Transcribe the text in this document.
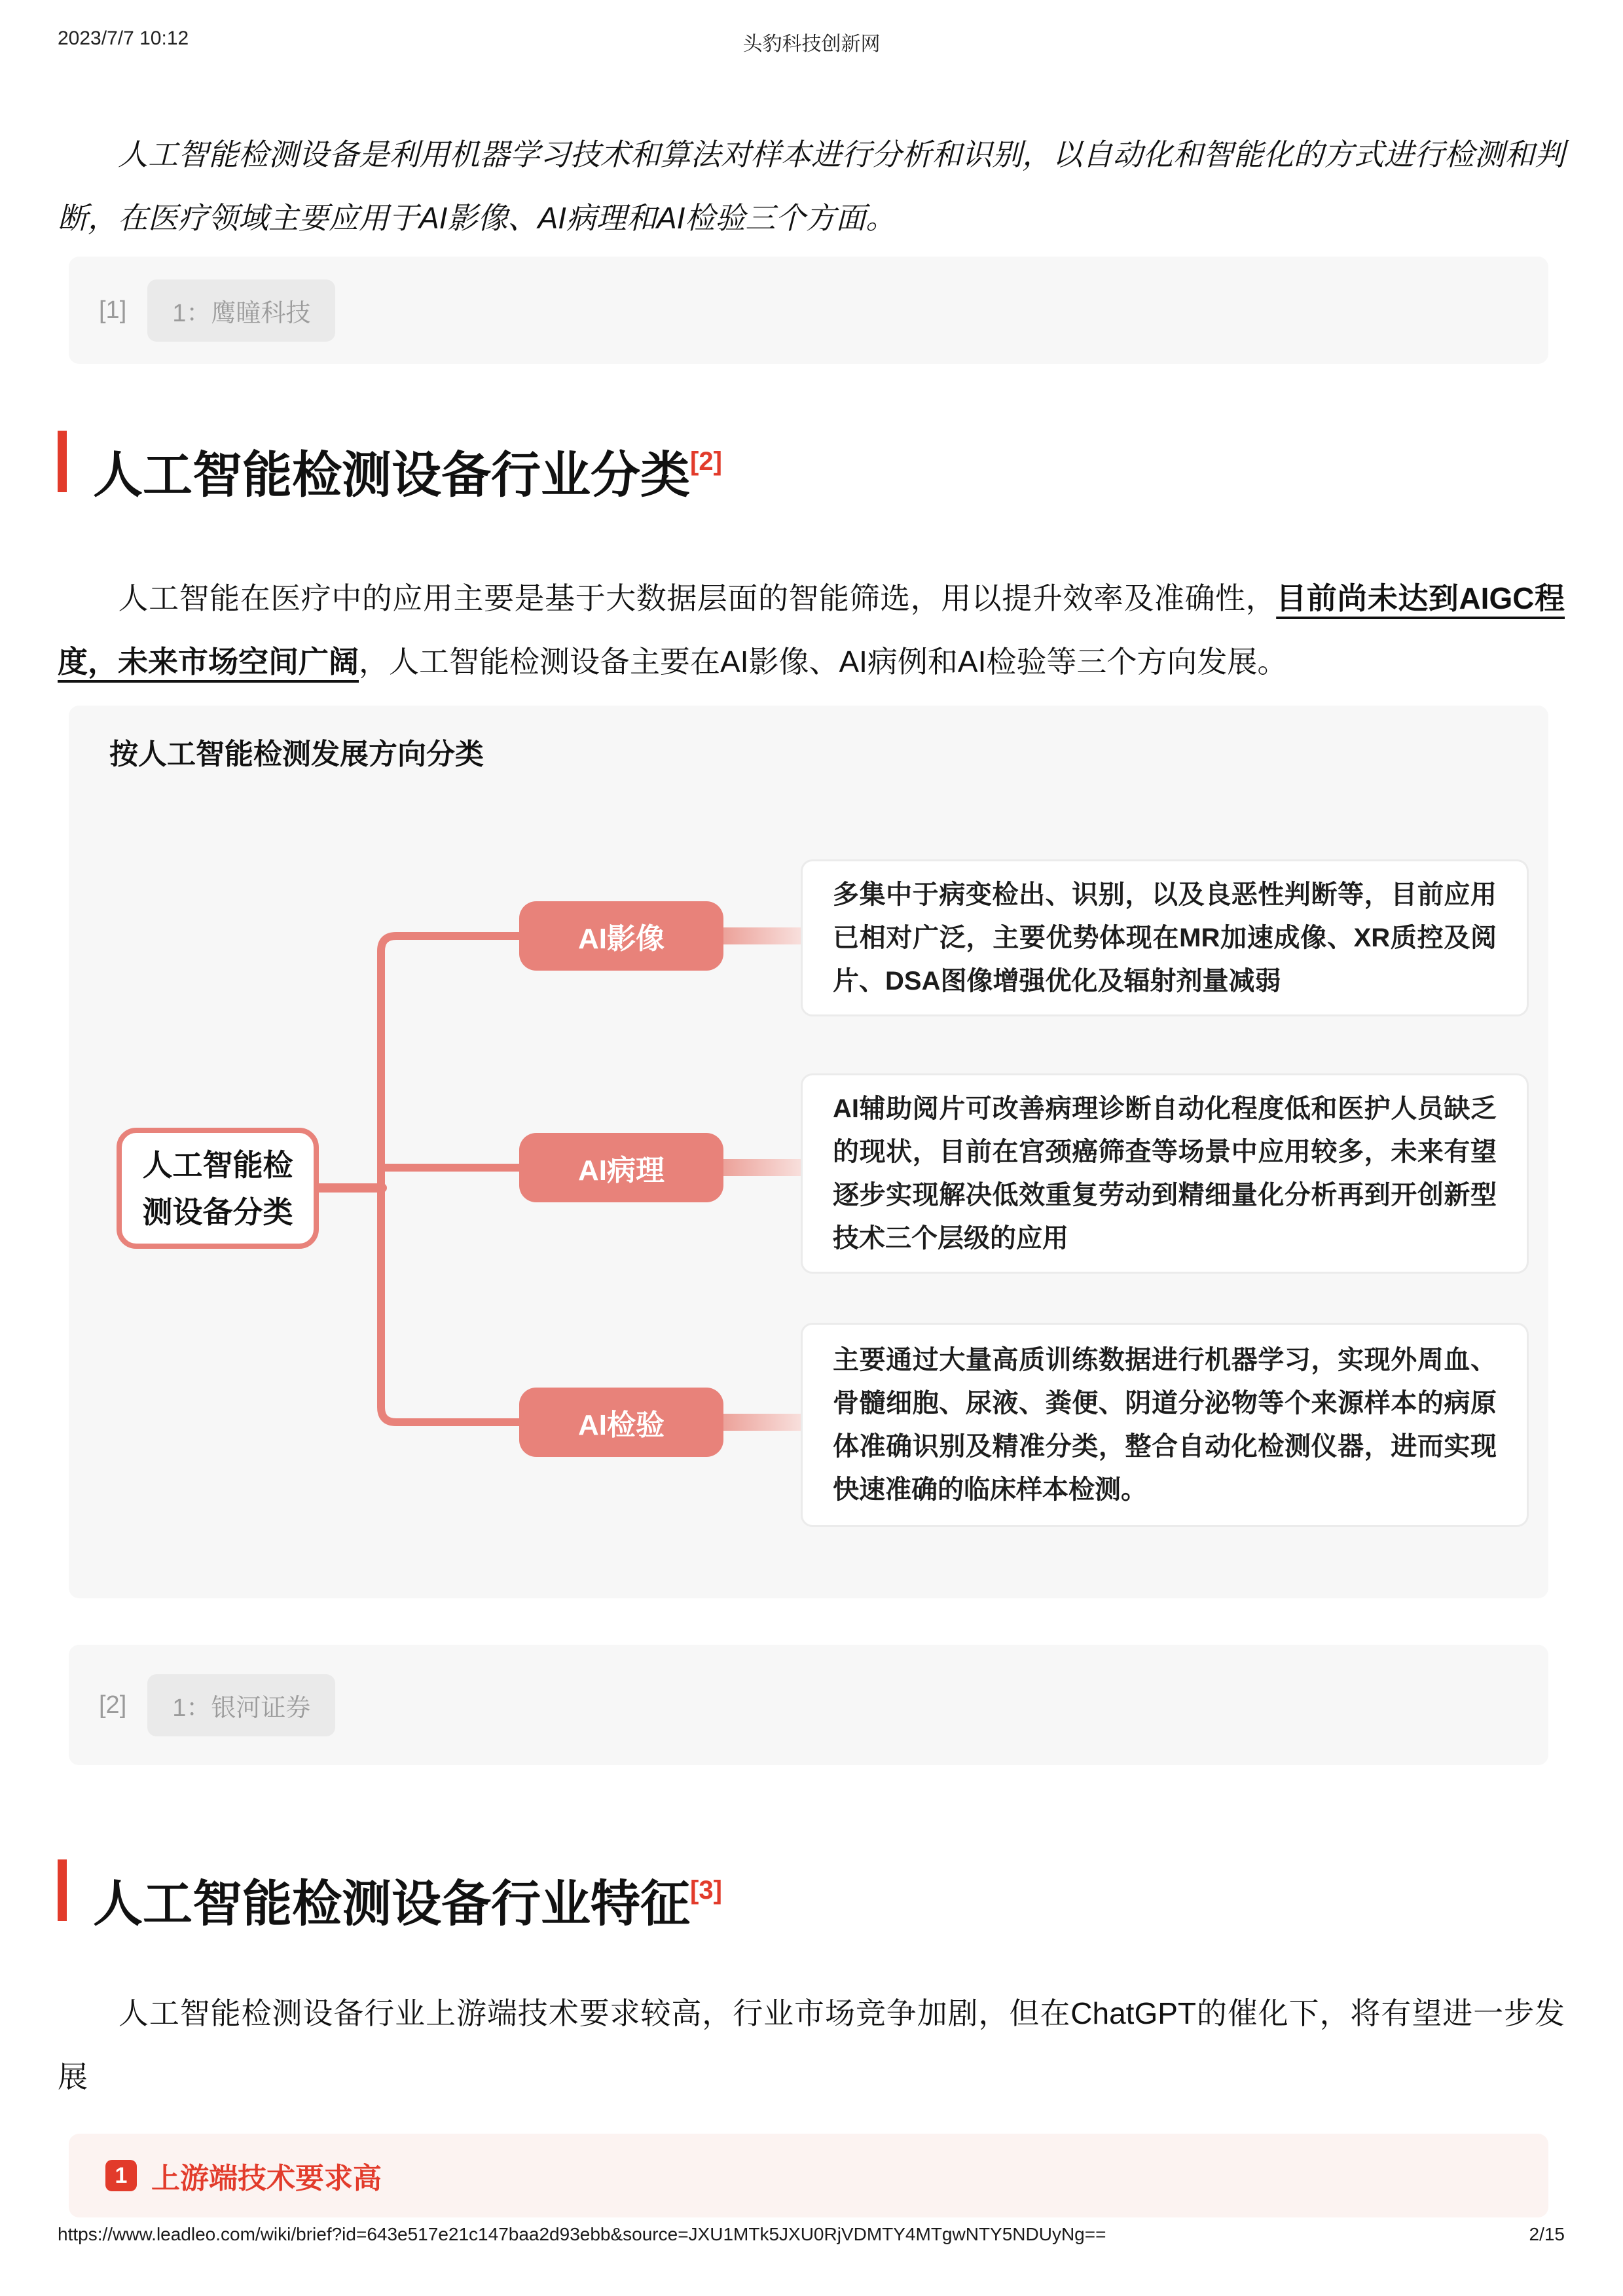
2023/7/7 10:12	头豹科技创新网

人工智能检测设备是利用机器学习技术和算法对样本进行分析和识别，以自动化和智能化的方式进行检测和判断，在医疗领域主要应用于AI影像、AI病理和AI检验三个方面。

[1]	1：鹰瞳科技
人工智能检测设备行业分类[2]

人工智能在医疗中的应用主要是基于大数据层面的智能筛选，用以提升效率及准确性，目前尚未达到AIGC程度，未来市场空间广阔，人工智能检测设备主要在AI影像、AI病例和AI检验等三个方向发展。

按人工智能检测发展方向分类
人工智能检
测设备分类
AI影像
AI病理
AI检验
多集中于病变检出、识别，以及良恶性判断等，目前应用已相对广泛，主要优势体现在MR加速成像、XR质控及阅片、DSA图像增强优化及辐射剂量减弱
AI辅助阅片可改善病理诊断自动化程度低和医护人员缺乏的现状，目前在宫颈癌筛查等场景中应用较多，未来有望逐步实现解决低效重复劳动到精细量化分析再到开创新型技术三个层级的应用
主要通过大量高质训练数据进行机器学习，实现外周血、骨髓细胞、尿液、粪便、阴道分泌物等个来源样本的病原体准确识别及精准分类，整合自动化检测仪器，进而实现快速准确的临床样本检测。
[2]	1：银河证券
人工智能检测设备行业特征[3]

人工智能检测设备行业上游端技术要求较高，行业市场竞争加剧，但在ChatGPT的催化下，将有望进一步发展

1 上游端技术要求高
https://www.leadleo.com/wiki/brief?id=643e517e21c147baa2d93ebb&source=JXU1MTk5JXU0RjVDMTY4MTgwNTY5NDUyNg==	2/15
